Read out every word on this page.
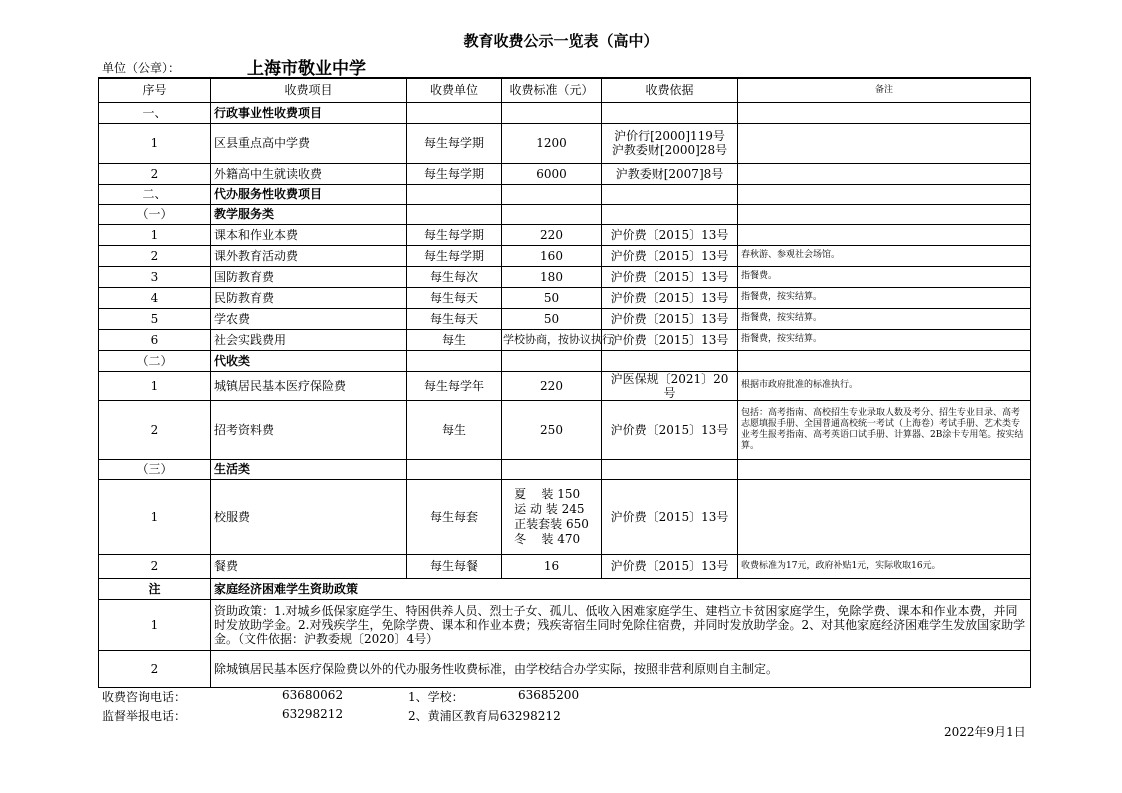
教育收费公示一览表（高中）
单位（公章）：	上海市敬业中学
序号	收费项目	收费单位	收费标准（元）	收费依据	备注
一、	行政事业性收费项目				
1	区县重点高中学费	每生每学期	1200	沪价行[2000]119号
沪教委财[2000]28号	

2	外籍高中生就读收费	每生每学期	6000	沪教委财[2007]8号	
二、	代办服务性收费项目				
（一）	教学服务类				
1	课本和作业本费	每生每学期	220	沪价费〔2015〕13号	
2	课外教育活动费	每生每学期	160	沪价费〔2015〕13号	春秋游、参观社会场馆。
3	国防教育费	每生每次	180	沪价费〔2015〕13号	指餐费。
4	民防教育费	每生每天	50	沪价费〔2015〕13号	指餐费，按实结算。
5	学农费	每生每天	50	沪价费〔2015〕13号	指餐费，按实结算。
6	社会实践费用	每生	学校协商，按协议执行	沪价费〔2015〕13号	指餐费，按实结算。
（二）	代收类				
1	城镇居民基本医疗保险费	每生每学年	220	沪医保规〔2021〕20号	根据市政府批准的标准执行。
2	招考资料费	每生	250	沪价费〔2015〕13号	包括：高考指南、高校招生专业录取人数及考分、招生专业目录、高考志愿填报手册、全国普通高校统一考试（上海卷）考试手册、艺术类专业考生报考指南、高考英语口试手册、计算器、2B涂卡专用笔。按实结算。
（三）	生活类				
1	校服费	每生每套	夏    装 150
运 动 装 245
正装套装 650
冬    装 470	沪价费〔2015〕13号	
2	餐费	每生每餐	16	沪价费〔2015〕13号	收费标准为17元，政府补贴1元，实际收取16元。
注	家庭经济困难学生资助政策				
1	资助政策：1.对城乡低保家庭学生、特困供养人员、烈士子女、孤儿、低收入困难家庭学生、建档立卡贫困家庭学生，免除学费、课本和作业本费，并同时发放助学金。2.对残疾学生，免除学费、课本和作业本费；残疾寄宿生同时免除住宿费，并同时发放助学金。2、对其他家庭经济困难学生发放国家助学金。（文件依据：沪教委规〔2020〕4号）				
2	除城镇居民基本医疗保险费以外的代办服务性收费标准，由学校结合办学实际，按照非营利原则自主制定。				
收费咨询电话：	63680062	1、学校：	63685200
监督举报电话：	63298212	2、黄浦区教育局63298212
2022年9月1日
